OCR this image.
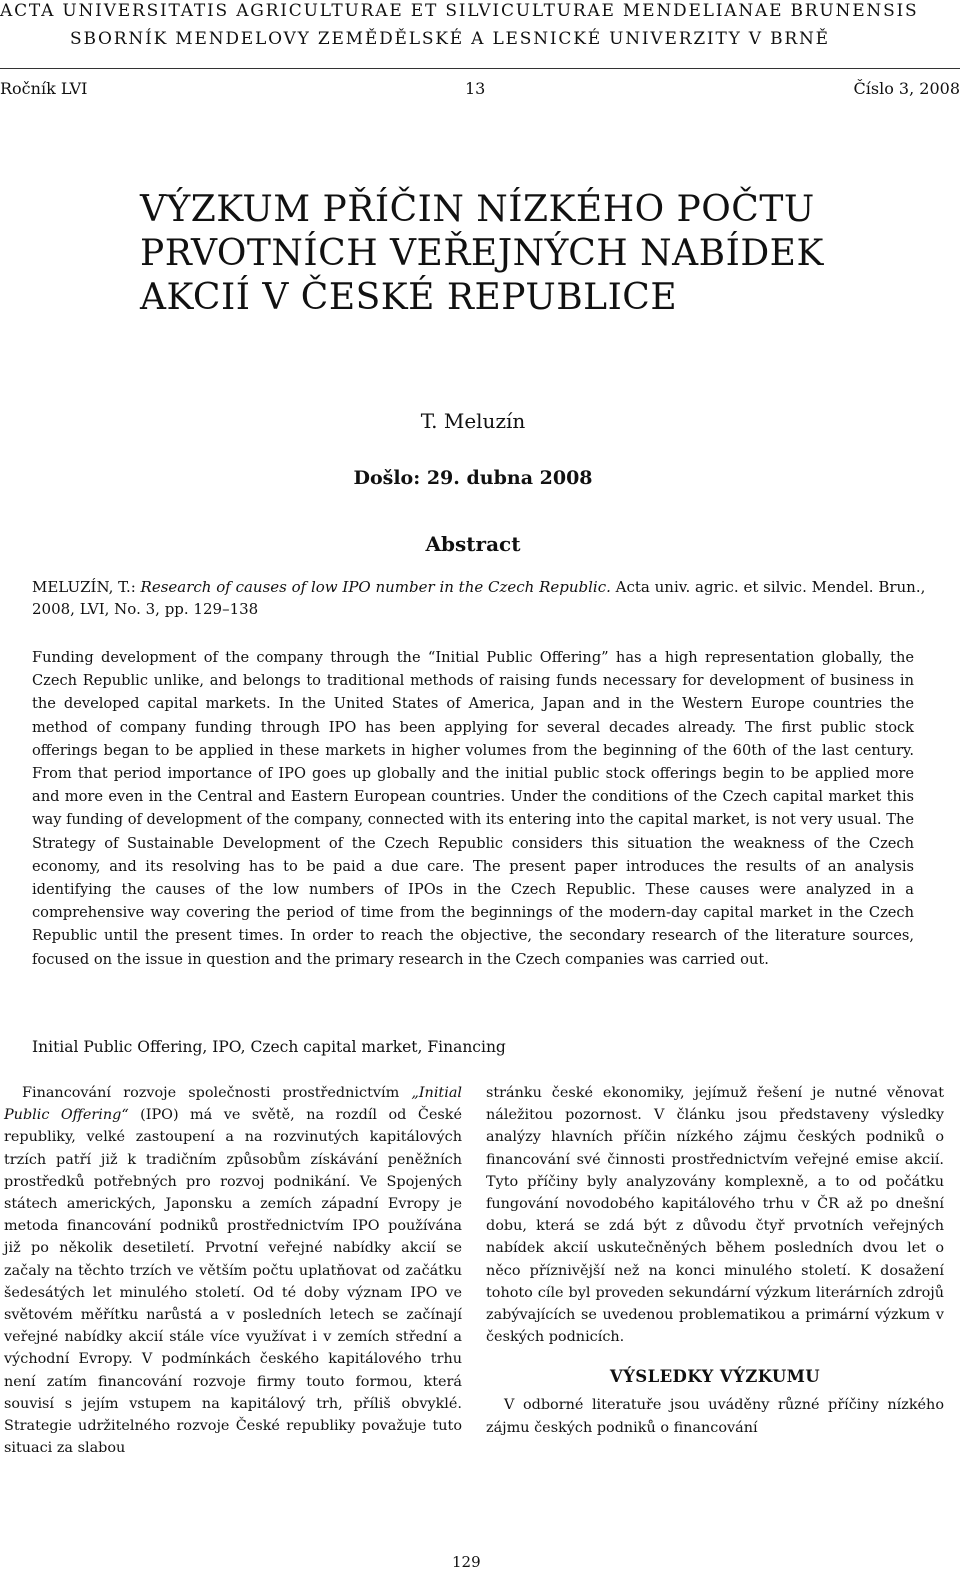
ACTA UNIVERSITATIS AGRICULTURAE ET SILVICULTURAE MENDELIANAE BRUNENSIS
SBORNÍK MENDELOVY ZEMĚDĚLSKÉ A LESNICKÉ UNIVERZITY V BRNĚ
Ročník LVI	13	Číslo 3, 2008
VÝZKUM PŘÍČIN NÍZKÉHO POČTU
PRVOTNÍCH VEŘEJNÝCH NABÍDEK
AKCIÍ V ČESKÉ REPUBLICE
T. Meluzín
Došlo: 29. dubna 2008
Abstract
MELUZÍN, T.: Research of causes of low IPO number in the Czech Republic. Acta univ. agric. et silvic. Mendel. Brun., 2008, LVI, No. 3, pp. 129–138
Funding development of the company through the “Initial Public Offering” has a high representation globally, the Czech Republic unlike, and belongs to traditional methods of raising funds necessary for development of business in the developed capital markets. In the United States of America, Japan and in the Western Europe countries the method of company funding through IPO has been applying for several decades already. The first public stock offerings began to be applied in these markets in higher volumes from the beginning of the 60th of the last century. From that period importance of IPO goes up globally and the initial public stock offerings begin to be applied more and more even in the Central and Eastern European countries. Under the conditions of the Czech capital market this way funding of development of the company, connected with its entering into the capital market, is not very usual. The Strategy of Sustainable Development of the Czech Republic considers this situation the weakness of the Czech economy, and its resolving has to be paid a due care. The present paper introduces the results of an analysis identifying the causes of the low numbers of IPOs in the Czech Republic. These causes were analyzed in a comprehensive way covering the period of time from the beginnings of the modern-day capital market in the Czech Republic until the present times. In order to reach the objective, the secondary research of the literature sources, focused on the issue in question and the primary research in the Czech companies was carried out.
Initial Public Offering, IPO, Czech capital market, Financing

Financování rozvoje společnosti prostřednictvím „Initial Public Offering“ (IPO) má ve světě, na rozdíl od České republiky, velké zastoupení a na rozvinutých kapitálových trzích patří již k tradičním způsobům získávání peněžních prostředků potřebných pro rozvoj podnikání. Ve Spojených státech amerických, Japonsku a zemích západní Evropy je metoda financování podniků prostřednictvím IPO používána již po několik desetiletí. Prvotní veřejné nabídky akcií se začaly na těchto trzích ve větším počtu uplatňovat od začátku šedesátých let minulého století. Od té doby význam IPO ve světovém měřítku narůstá a v posledních letech se začínají veřejné nabídky akcií stále více využívat i v zemích střední a východní Evropy. V podmínkách českého kapitálového trhu není zatím financování rozvoje firmy touto formou, která souvisí s jejím vstupem na kapitálový trh, příliš obvyklé. Strategie udržitelného rozvoje České republiky považuje tuto situaci za slabou

stránku české ekonomiky, jejímuž řešení je nutné věnovat náležitou pozornost. V článku jsou představeny výsledky analýzy hlavních příčin nízkého zájmu českých podniků o financování své činnosti prostřednictvím veřejné emise akcií. Tyto příčiny byly analyzovány komplexně, a to od počátku fungování novodobého kapitálového trhu v ČR až po dnešní dobu, která se zdá být z důvodu čtyř prvotních veřejných nabídek akcií uskutečněných během posledních dvou let o něco příznivější než na konci minulého století. K dosažení tohoto cíle byl proveden sekundární výzkum literárních zdrojů zabývajících se uvedenou problematikou a primární výzkum v českých podnicích.

VÝSLEDKY VÝZKUMU

V odborné literatuře jsou uváděny různé příčiny nízkého zájmu českých podniků o financování

129
